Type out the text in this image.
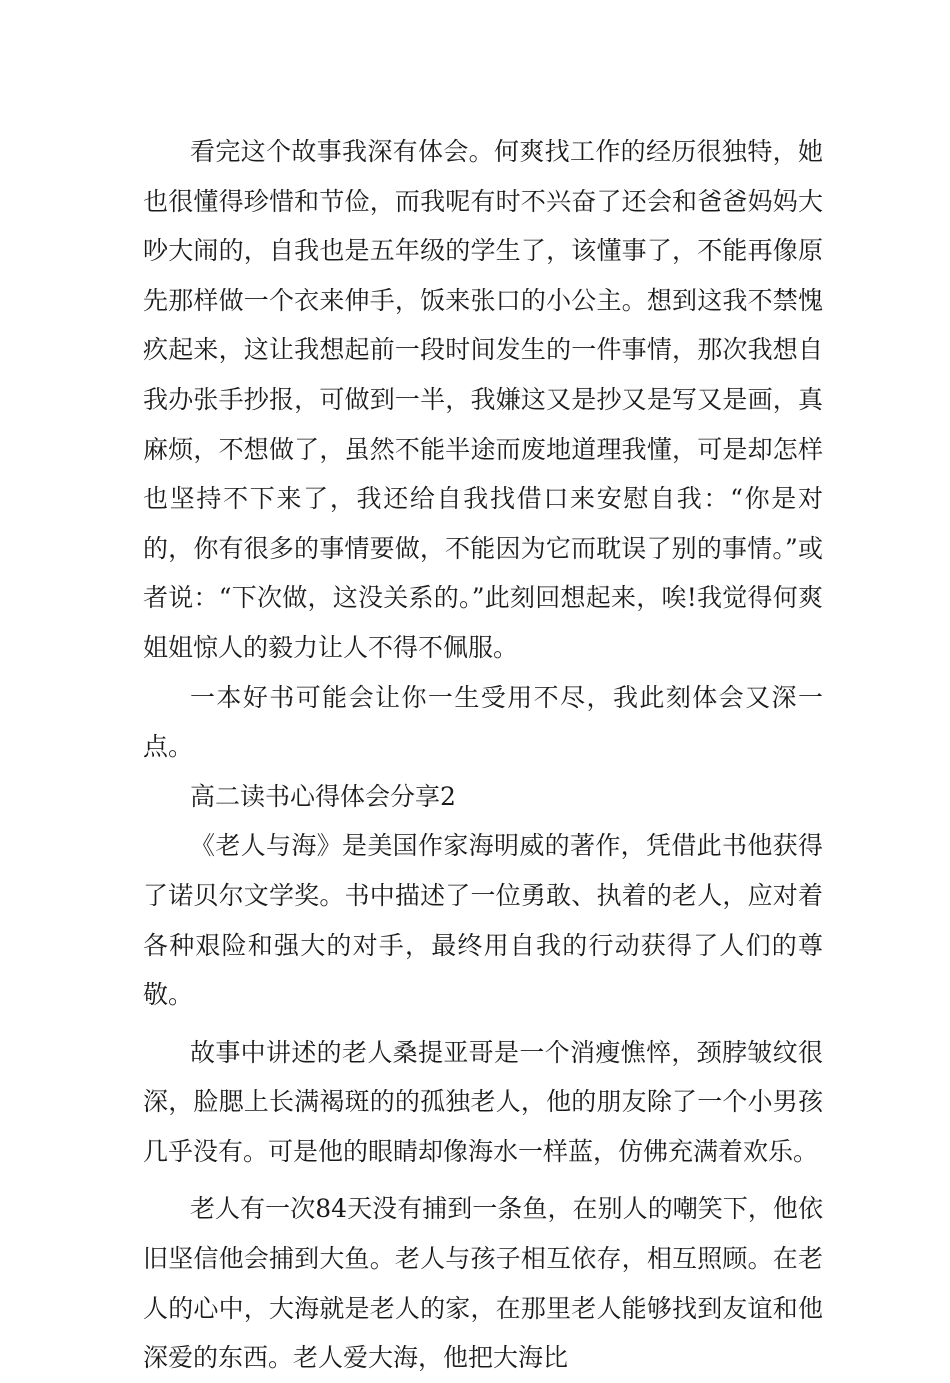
看完这个故事我深有体会。何爽找工作的经历很独特，她也很懂得珍惜和节俭，而我呢有时不兴奋了还会和爸爸妈妈大吵大闹的，自我也是五年级的学生了，该懂事了，不能再像原先那样做一个衣来伸手，饭来张口的小公主。想到这我不禁愧疚起来，这让我想起前一段时间发生的一件事情，那次我想自我办张手抄报，可做到一半，我嫌这又是抄又是写又是画，真麻烦，不想做了，虽然不能半途而废地道理我懂，可是却怎样也坚持不下来了，我还给自我找借口来安慰自我：“你是对的，你有很多的事情要做，不能因为它而耽误了别的事情。”或者说：“下次做，这没关系的。”此刻回想起来，唉!我觉得何爽姐姐惊人的毅力让人不得不佩服。

一本好书可能会让你一生受用不尽，我此刻体会又深一点。

高二读书心得体会分享2

《老人与海》是美国作家海明威的著作，凭借此书他获得了诺贝尔文学奖。书中描述了一位勇敢、执着的老人，应对着各种艰险和强大的对手，最终用自我的行动获得了人们的尊敬。

故事中讲述的老人桑提亚哥是一个消瘦憔悴，颈脖皱纹很深，脸腮上长满褐斑的的孤独老人，他的朋友除了一个小男孩几乎没有。可是他的眼睛却像海水一样蓝，仿佛充满着欢乐。

老人有一次84天没有捕到一条鱼，在别人的嘲笑下，他依旧坚信他会捕到大鱼。老人与孩子相互依存，相互照顾。在老人的心中，大海就是老人的家，在那里老人能够找到友谊和他深爱的东西。老人爱大海，他把大海比
